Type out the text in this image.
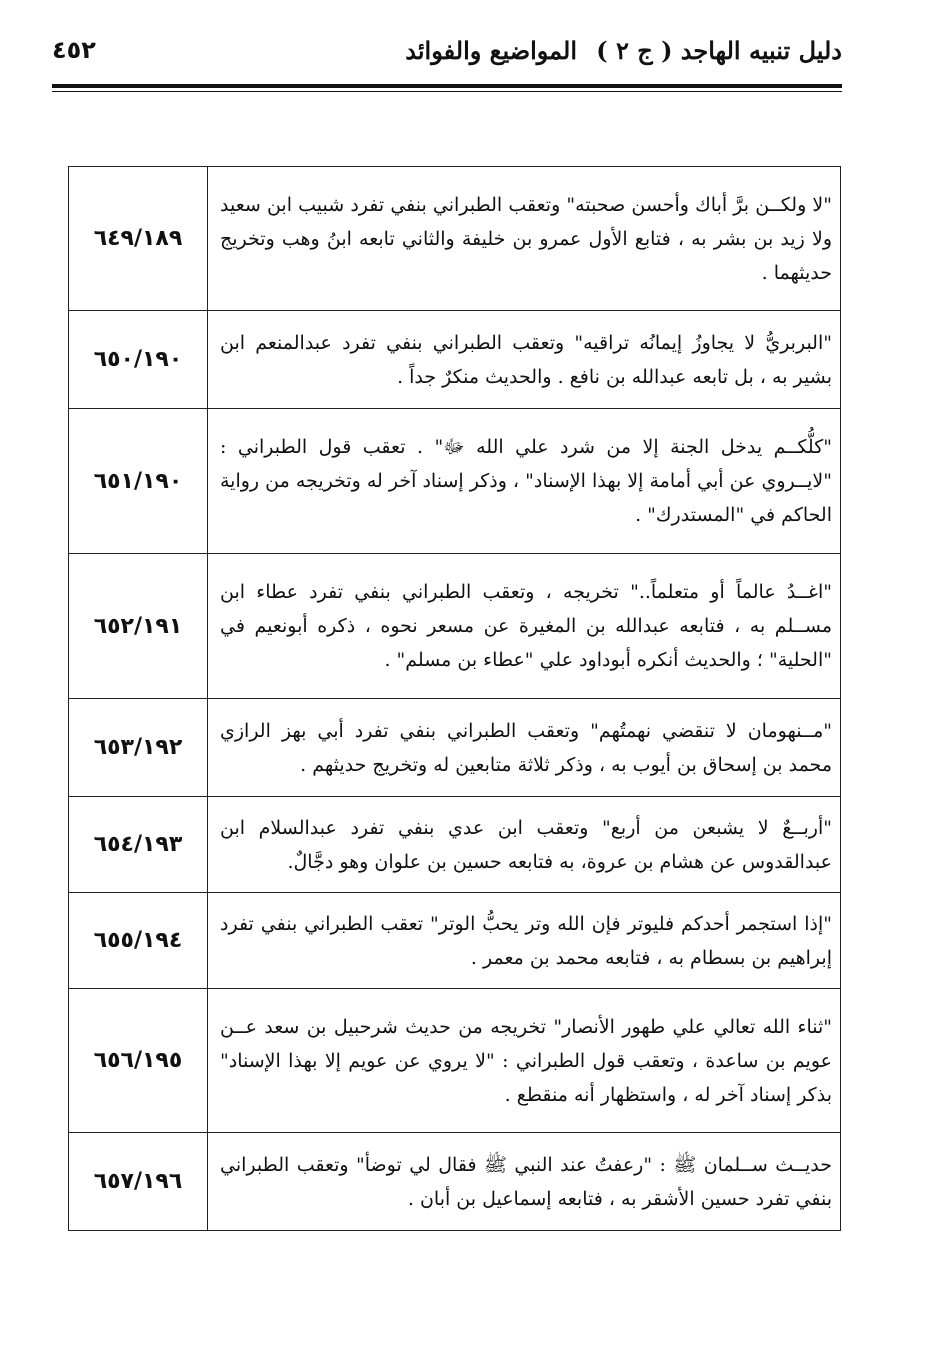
دليل تنبيه الهاجد ( ج ٢ )
المواضيع والفوائد
٤٥٢
"لا ولكــن برَّ أباك وأحسن صحبته" وتعقب الطبراني بنفي تفرد شبيب ابن سعيد ولا زيد بن بشر به ، فتابع الأول عمرو بن خليفة والثاني تابعه ابنُ وهب وتخريج حديثهما .	٦٤٩/١٨٩
"البربريُّ لا يجاوزُ إيمانُه تراقيه" وتعقب الطبراني بنفي تفرد عبدالمنعم ابن بشير به ، بل تابعه عبدالله بن نافع . والحديث منكرٌ جداً .	٦٥٠/١٩٠
"كلُّكــم يدخل الجنة إلا من شرد علي الله ﷻ" . تعقب قول الطبراني : "لايــروي عن أبي أمامة إلا بهذا الإسناد" ، وذكر إسناد آخر له وتخريجه من رواية الحاكم في "المستدرك" .	٦٥١/١٩٠
"اغــدُ عالماً أو متعلماً.." تخريجه ، وتعقب الطبراني بنفي تفرد عطاء ابن مســلم به ، فتابعه عبدالله بن المغيرة عن مسعر نحوه ، ذكره أبونعيم في "الحلية" ؛ والحديث أنكره أبوداود علي "عطاء بن مسلم" .	٦٥٢/١٩١
"مــنهومان لا تنقضي نهمتُهم" وتعقب الطبراني بنفي تفرد أبي بهز الرازي محمد بن إسحاق بن أيوب به ، وذكر ثلاثة متابعين له وتخريج حديثهم .	٦٥٣/١٩٢
"أربــعٌ لا يشبعن من أربع" وتعقب ابن عدي بنفي تفرد عبدالسلام ابن عبدالقدوس عن هشام بن عروة، به فتابعه حسين بن علوان وهو دجَّالٌ.	٦٥٤/١٩٣
"إذا استجمر أحدكم فليوتر فإن الله وتر يحبُّ الوتر" تعقب الطبراني بنفي تفرد إبراهيم بن بسطام به ، فتابعه محمد بن معمر .	٦٥٥/١٩٤
"ثناء الله تعالي علي طهور الأنصار" تخريجه من حديث شرحبيل بن سعد عــن عويم بن ساعدة ، وتعقب قول الطبراني : "لا يروي عن عويم إلا بهذا الإسناد" بذكر إسناد آخر له ، واستظهار أنه منقطع .	٦٥٦/١٩٥
حديــث ســلمان ﷺ : "رعفتُ عند النبي ﷺ فقال لي توضأ" وتعقب الطبراني بنفي تفرد حسين الأشقر به ، فتابعه إسماعيل بن أبان .	٦٥٧/١٩٦
